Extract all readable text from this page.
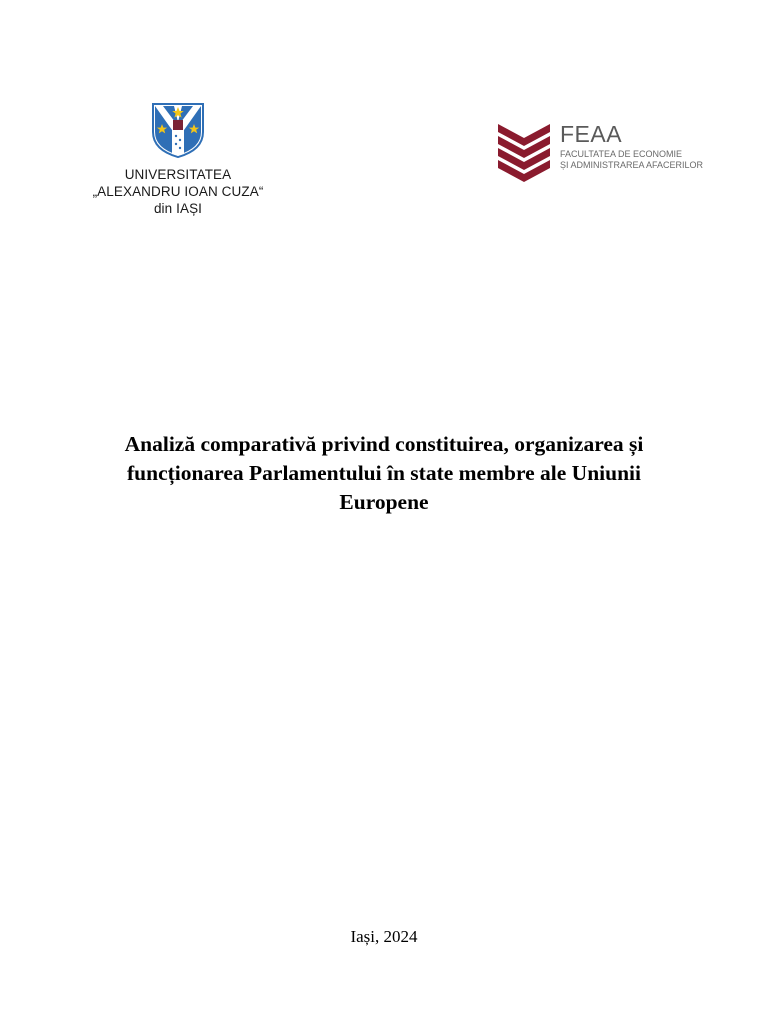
UNIVERSITATEA
„ALEXANDRU IOAN CUZA“
din IAȘI
FEAA
FACULTATEA DE ECONOMIE
ȘI ADMINISTRAREA AFACERILOR
Analiză comparativă privind constituirea, organizarea și
funcționarea Parlamentului în state membre ale Uniunii
Europene
Iași, 2024
